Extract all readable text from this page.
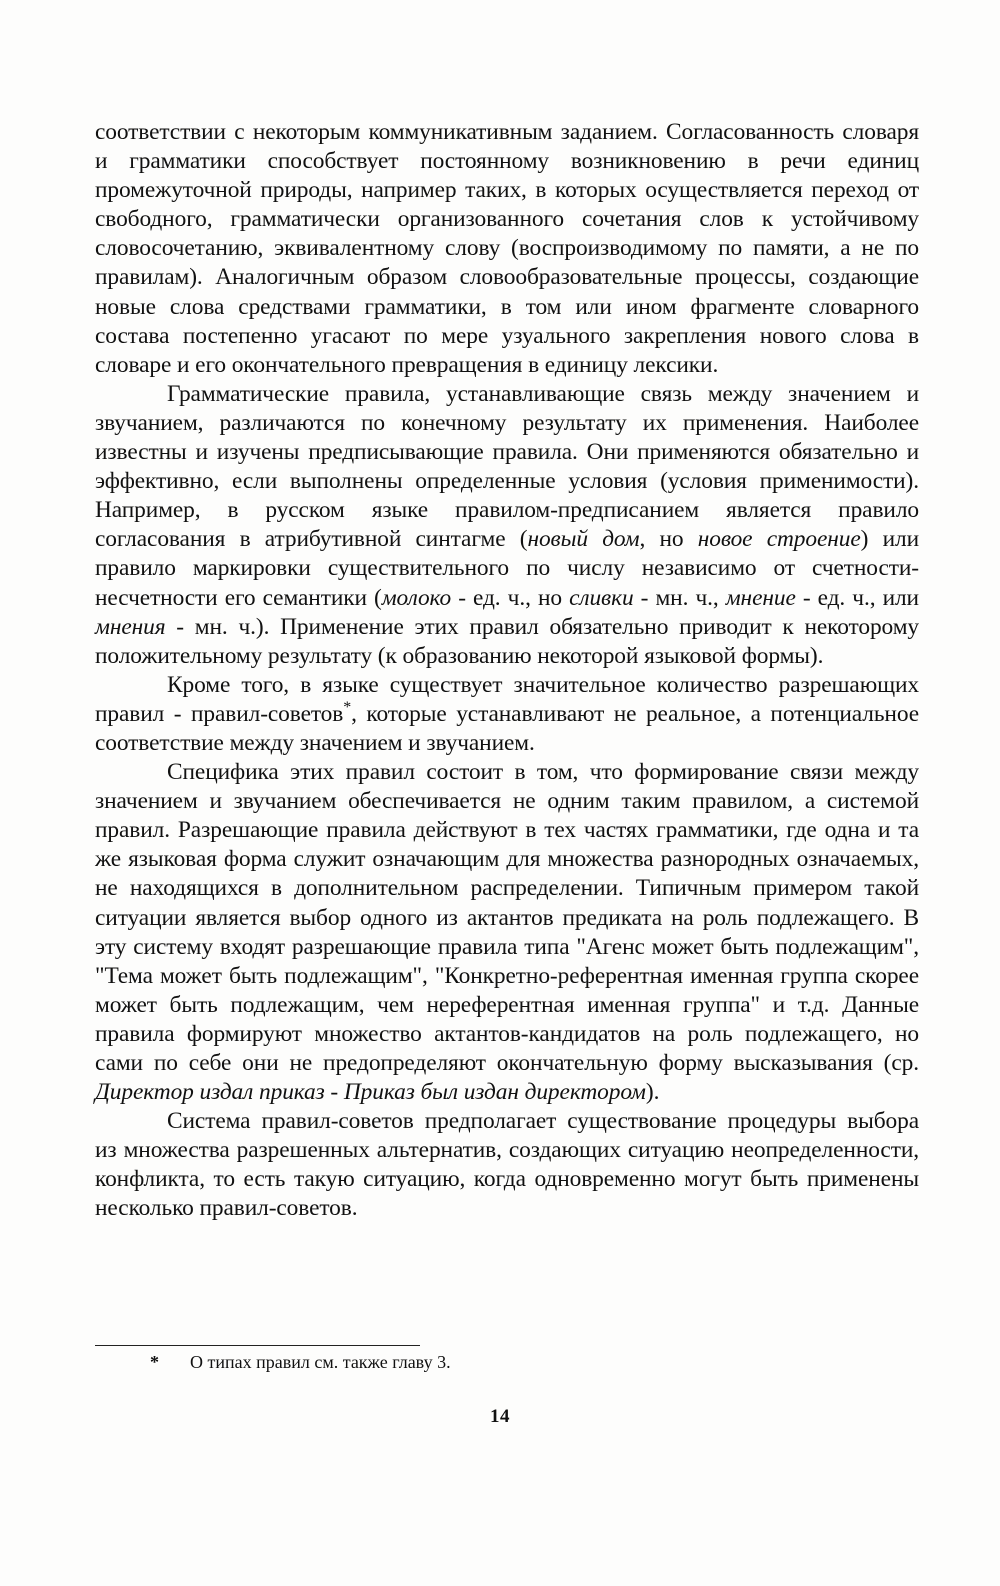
соответствии с некоторым коммуникативным заданием. Согласованность словаря и грамматики способствует постоянному возникновению в речи единиц промежуточной природы, например таких, в которых осуществляется переход от свободного, грамматически организованного сочетания слов к устойчивому словосочетанию, эквивалентному слову (воспроизводимому по памяти, а не по правилам). Аналогичным образом словообразовательные процессы, создающие новые слова средствами грамматики, в том или ином фрагменте словарного состава постепенно угасают по мере узуального закрепления нового слова в словаре и его окончательного превращения в единицу лексики.

Грамматические правила, устанавливающие связь между значением и звучанием, различаются по конечному результату их применения. Наиболее известны и изучены предписывающие правила. Они применяются обязательно и эффективно, если выполнены определенные условия (условия применимости). Например, в русском языке правилом-предписанием является правило согласования в атрибутивной синтагме (новый дом, но новое строение) или правило маркировки существительного по числу независимо от счетности-несчетности его семантики (молоко - ед. ч., но сливки - мн. ч., мнение - ед. ч., или мнения - мн. ч.). Применение этих правил обязательно приводит к некоторому положительному результату (к образованию некоторой языковой формы).

Кроме того, в языке существует значительное количество разрешающих правил - правил-советов*, которые устанавливают не реальное, а потенциальное соответствие между значением и звучанием.

Специфика этих правил состоит в том, что формирование связи между значением и звучанием обеспечивается не одним таким правилом, а системой правил. Разрешающие правила действуют в тех частях грамматики, где одна и та же языковая форма служит означающим для множества разнородных означаемых, не находящихся в дополнительном распределении. Типичным примером такой ситуации является выбор одного из актантов предиката на роль подлежащего. В эту систему входят разрешающие правила типа "Агенс может быть подлежащим", "Тема может быть подлежащим", "Конкретно-референтная именная группа скорее может быть подлежащим, чем нереферентная именная группа" и т.д. Данные правила формируют множество актантов-кандидатов на роль подлежащего, но сами по себе они не предопределяют окончательную форму высказывания (ср. Директор издал приказ - Приказ был издан директором).

Система правил-советов предполагает существование процедуры выбора из множества разрешенных альтернатив, создающих ситуацию неопределенности, конфликта, то есть такую ситуацию, когда одновременно могут быть применены несколько правил-советов.

* О типах правил см. также главу 3.
14
